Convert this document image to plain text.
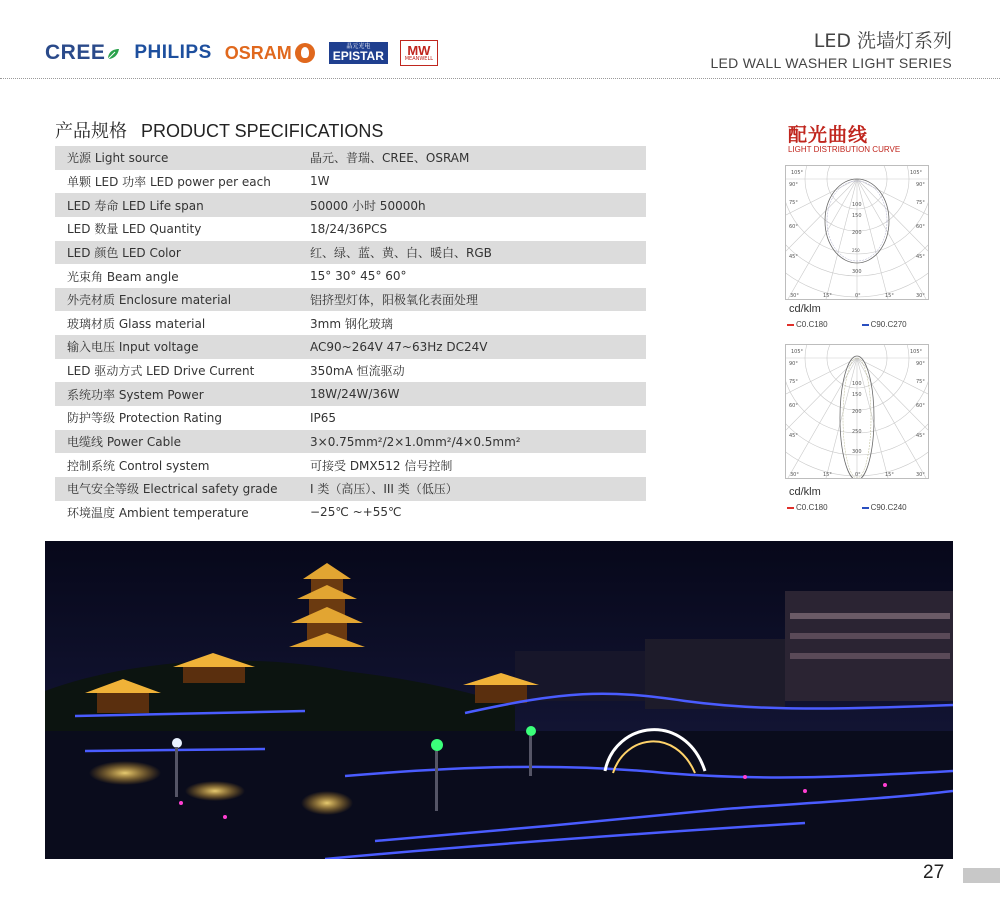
CREE PHILIPS OSRAM	晶元光电
EPISTAR MW
MEANWELL
LED 洗墙灯系列
LED WALL WASHER LIGHT SERIES
产品规格 PRODUCT SPECIFICATIONS
光源 Light source	晶元、普瑞、CREE、OSRAM
单颗 LED 功率 LED power per each	1W
LED 寿命 LED Life span	50000 小时 50000h
LED 数量 LED Quantity	18/24/36PCS
LED 颜色 LED Color	红、绿、蓝、黄、白、暖白、RGB
光束角 Beam angle	15° 30° 45° 60°
外壳材质 Enclosure material	铝挤型灯体，阳极氧化表面处理
玻璃材质 Glass material	3mm 钢化玻璃
输入电压 Input voltage	AC90~264V 47~63Hz DC24V
LED 驱动方式 LED Drive Current	350mA 恒流驱动
系统功率 System Power	18W/24W/36W
防护等级 Protection Rating	IP65
电缆线 Power Cable	3×0.75mm²/2×1.0mm²/4×0.5mm²
控制系统 Control system	可接受 DMX512 信号控制
电气安全等级 Electrical safety grade	I 类（高压）、III 类（低压）
环境温度 Ambient temperature	−25℃ ~+55℃
配光曲线
LIGHT DISTRIBUTION CURVE
105°	105°
90°	90°
75°	75°
60°	60°
45°	45°
100
150
200
250
300
30°	15°	0°	15°	30°
cd/klm
C0.C180	C90.C270
105°	105°
90°	90°
75°	75°
60°	60°
45°	45°
100
150
200
250
300
30°	15°	0°	15°	30°
cd/klm
C0.C180	C90.C240
27
